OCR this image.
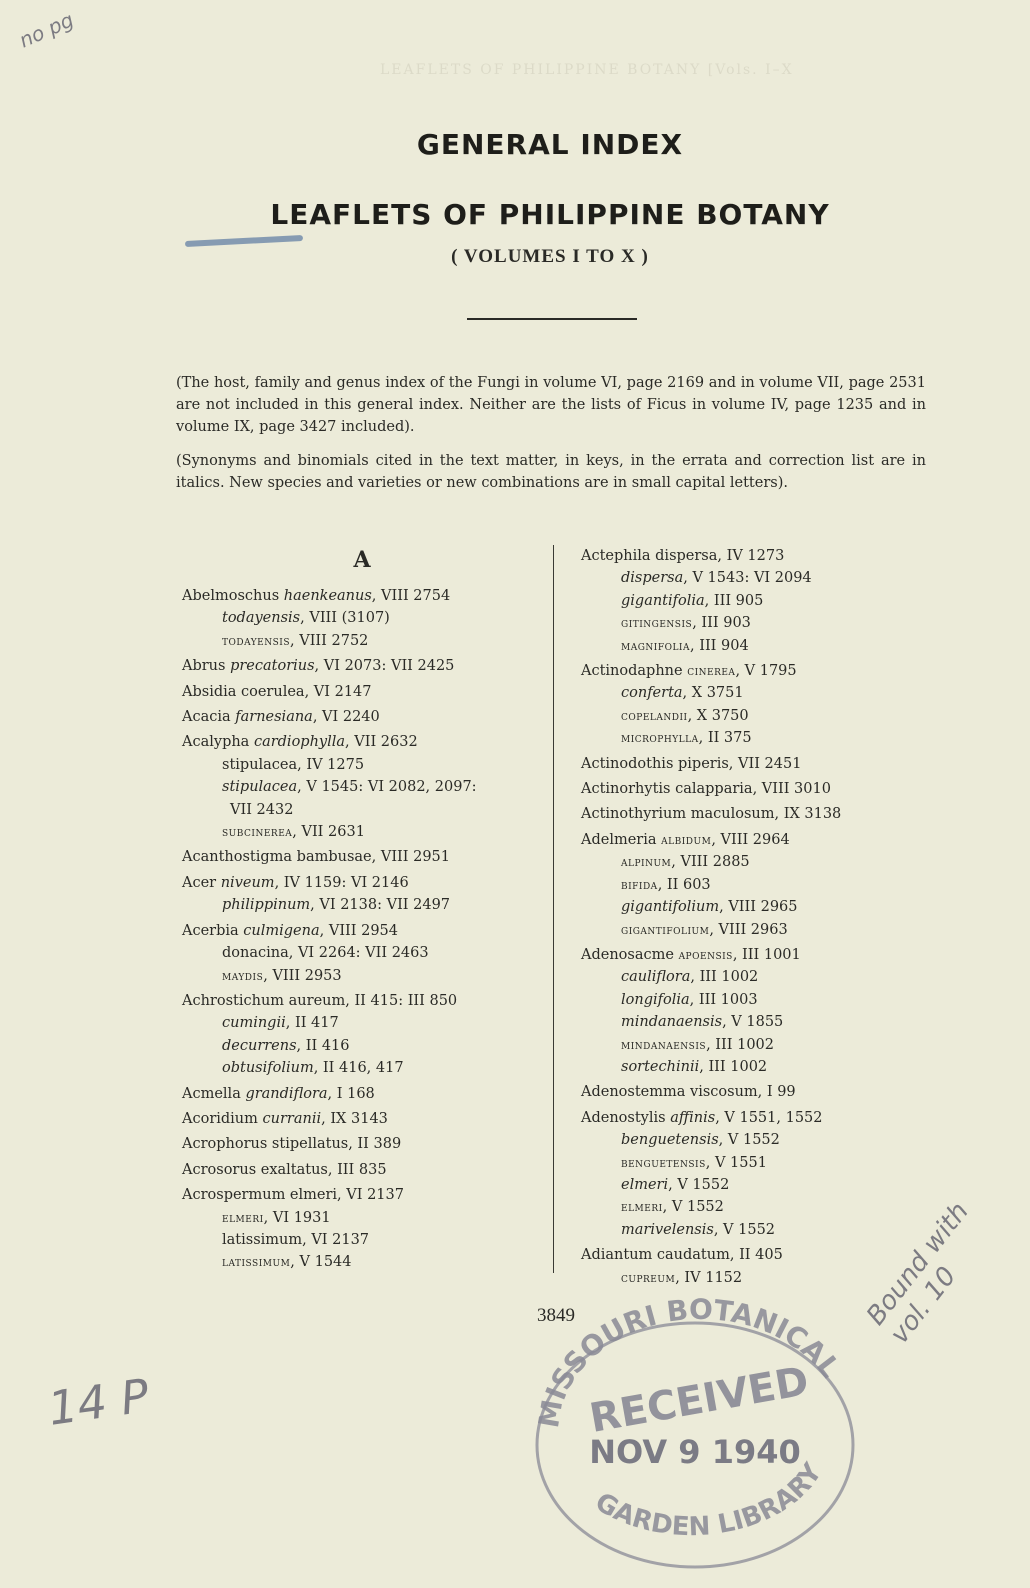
LEAFLETS OF PHILIPPINE BOTANY [Vols. I–X
no pg
GENERAL INDEX
LEAFLETS OF PHILIPPINE BOTANY
( VOLUMES I TO X )
(The host, family and genus index of the Fungi in volume VI, page 2169 and in volume VII, page 2531 are not included in this general index. Neither are the lists of Ficus in volume IV, page 1235 and in volume IX, page 3427 included).
(Synonyms and binomials cited in the text matter, in keys, in the errata and correction list are in italics. New species and varieties or new combinations are in small capital letters).
A
Abelmoschus haenkeanus, VIII 2754
todayensis, VIII (3107)
todayensis, VIII 2752
Abrus precatorius, VI 2073: VII 2425
Absidia coerulea, VI 2147
Acacia farnesiana, VI 2240
Acalypha cardiophylla, VII 2632
stipulacea, IV 1275
stipulacea, V 1545: VI 2082, 2097:
VII 2432
subcinerea, VII 2631
Acanthostigma bambusae, VIII 2951
Acer niveum, IV 1159: VI 2146
philippinum, VI 2138: VII 2497
Acerbia culmigena, VIII 2954
donacina, VI 2264: VII 2463
maydis, VIII 2953
Achrostichum aureum, II 415: III 850
cumingii, II 417
decurrens, II 416
obtusifolium, II 416, 417
Acmella grandiflora, I 168
Acoridium curranii, IX 3143
Acrophorus stipellatus, II 389
Acrosorus exaltatus, III 835
Acrospermum elmeri, VI 2137
elmeri, VI 1931
latissimum, VI 2137
latissimum, V 1544
Actephila dispersa, IV 1273
dispersa, V 1543: VI 2094
gigantifolia, III 905
gitingensis, III 903
magnifolia, III 904
Actinodaphne cinerea, V 1795
conferta, X 3751
copelandii, X 3750
microphylla, II 375
Actinodothis piperis, VII 2451
Actinorhytis calapparia, VIII 3010
Actinothyrium maculosum, IX 3138
Adelmeria albidum, VIII 2964
alpinum, VIII 2885
bifida, II 603
gigantifolium, VIII 2965
gigantifolium, VIII 2963
Adenosacme apoensis, III 1001
cauliflora, III 1002
longifolia, III 1003
mindanaensis, V 1855
mindanaensis, III 1002
sortechinii, III 1002
Adenostemma viscosum, I 99
Adenostylis affinis, V 1551, 1552
benguetensis, V 1552
benguetensis, V 1551
elmeri, V 1552
elmeri, V 1552
marivelensis, V 1552
Adiantum caudatum, II 405
cupreum, IV 1152
3849
MISSOURI BOTANICAL
RECEIVED
NOV 9 1940
GARDEN LIBRARY
Bound with vol. 10
14 P
